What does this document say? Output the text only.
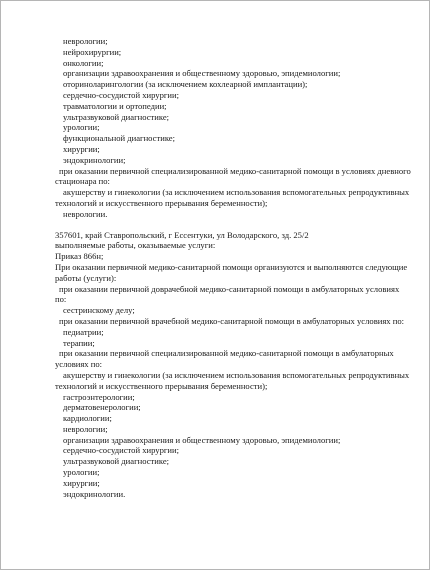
неврологии;
нейрохирургии;
онкологии;
организации здравоохранения и общественному здоровью, эпидемиологии;
оториноларингологии (за исключением кохлеарной имплантации);
сердечно-сосудистой хирургии;
травматологии и ортопедии;
ультразвуковой диагностике;
урологии;
функциональной диагностике;
хирургии;
эндокринологии;
при оказании первичной специализированной медико-санитарной помощи в условиях дневного
стационара по:
акушерству и гинекологии (за исключением использования вспомогательных репродуктивных
технологий и искусственного прерывания беременности);
неврологии.
357601, край Ставропольский, г Ессентуки, ул Володарского, зд. 25/2
выполняемые работы, оказываемые услуги:
Приказ 866н;
При оказании первичной медико-санитарной помощи организуются и выполняются следующие
работы (услуги):
при оказании первичной доврачебной медико-санитарной помощи в амбулаторных условиях
по:
сестринскому делу;
при оказании первичной врачебной медико-санитарной помощи в амбулаторных условиях по:
педиатрии;
терапии;
при оказании первичной специализированной медико-санитарной помощи в амбулаторных
условиях по:
акушерству и гинекологии (за исключением использования вспомогательных репродуктивных
технологий и искусственного прерывания беременности);
гастроэнтерологии;
дерматовенерологии;
кардиологии;
неврологии;
организации здравоохранения и общественному здоровью, эпидемиологии;
сердечно-сосудистой хирургии;
ультразвуковой диагностике;
урологии;
хирургии;
эндокринологии.
